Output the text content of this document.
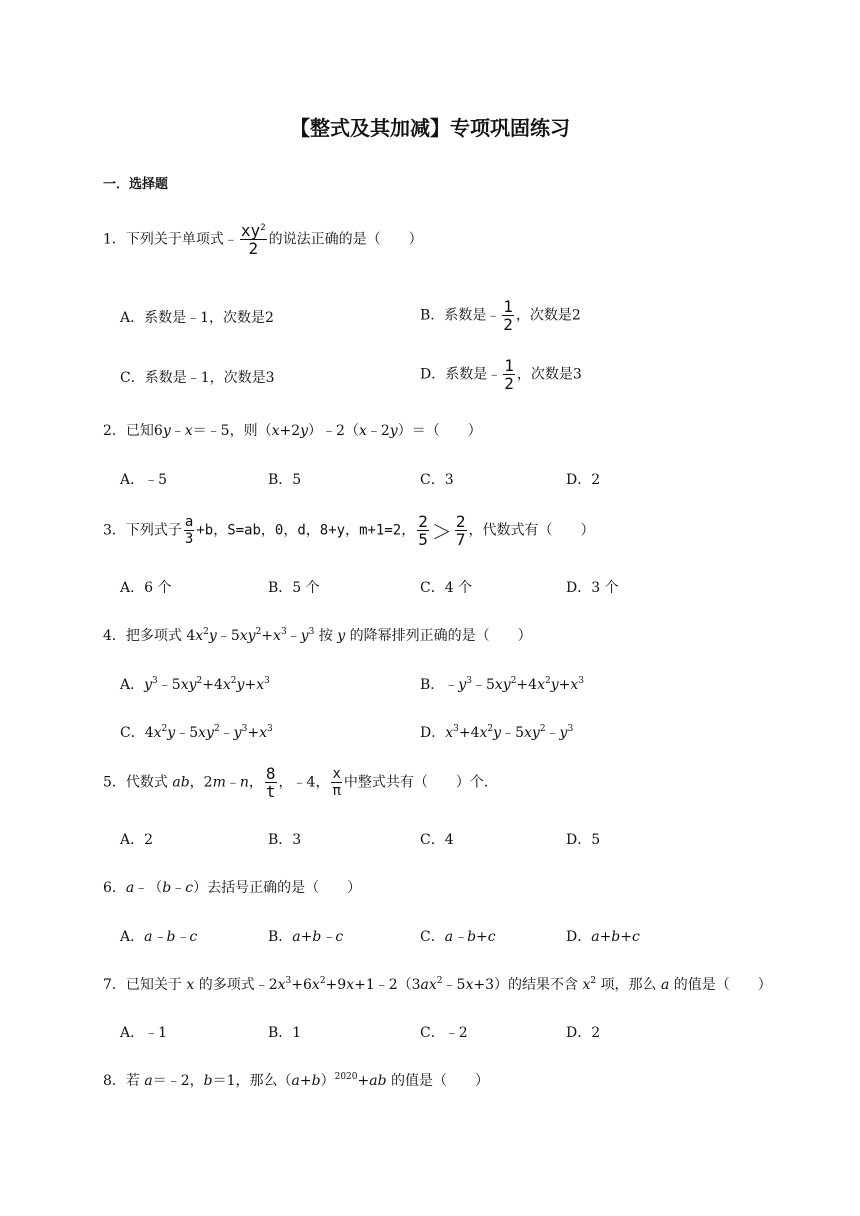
【整式及其加减】专项巩固练习
一．选择题
1．下列关于单项式﹣ $\frac{xy^2}{2}$ 的说法正确的是（　　）
A．系数是﹣1，次数是2	B．系数是﹣ $\frac{1}{2}$ ，次数是2
C．系数是﹣1，次数是3	D．系数是﹣ $\frac{1}{2}$ ，次数是3
2．已知6y﹣x＝﹣5，则（x+2y）﹣2（x﹣2y）＝（　　）
A．﹣5	B．5	C．3	D．2
3．下列式子 $\frac{a}{3} +b$，S=ab，0，d，8+y，m+1=2， $\frac{2}{5} > \frac{2}{7}$ ，代数式有（　　）
A．6 个	B．5 个	C．4 个	D．3 个
4．把多项式 $4x^2y﹣5xy^2+x^3﹣y^3$ 按 y 的降幂排列正确的是（　　）
A．$y^3﹣5xy^2+4x^2y+x^3$	B．$﹣y^3﹣5xy^2+4x^2y+x^3$
C．$4x^2y﹣5xy^2﹣y^3+x^3$	D．$x^3+4x^2y﹣5xy^2﹣y^3$
5．代数式 ab，2m﹣n， $\frac{8}{t}$ ，﹣4， $\frac{x}{\pi}$ 中整式共有（　　）个．
A．2	B．3	C．4	D．5
6．a﹣（b﹣c）去括号正确的是（　　）
A．a﹣b﹣c	B．a+b﹣c	C．a﹣b+c	D．a+b+c
7．已知关于 x 的多项式$﹣2x^3+6x^2+9x+1﹣2(3ax^2﹣5x+3)$的结果不含 $x^2$ 项，那么 a 的值是（　　）
A．﹣1	B．1	C．﹣2	D．2
8．若 a＝﹣2，b＝1，那么$(a+b)^{2020}+ab$ 的值是（　　）
